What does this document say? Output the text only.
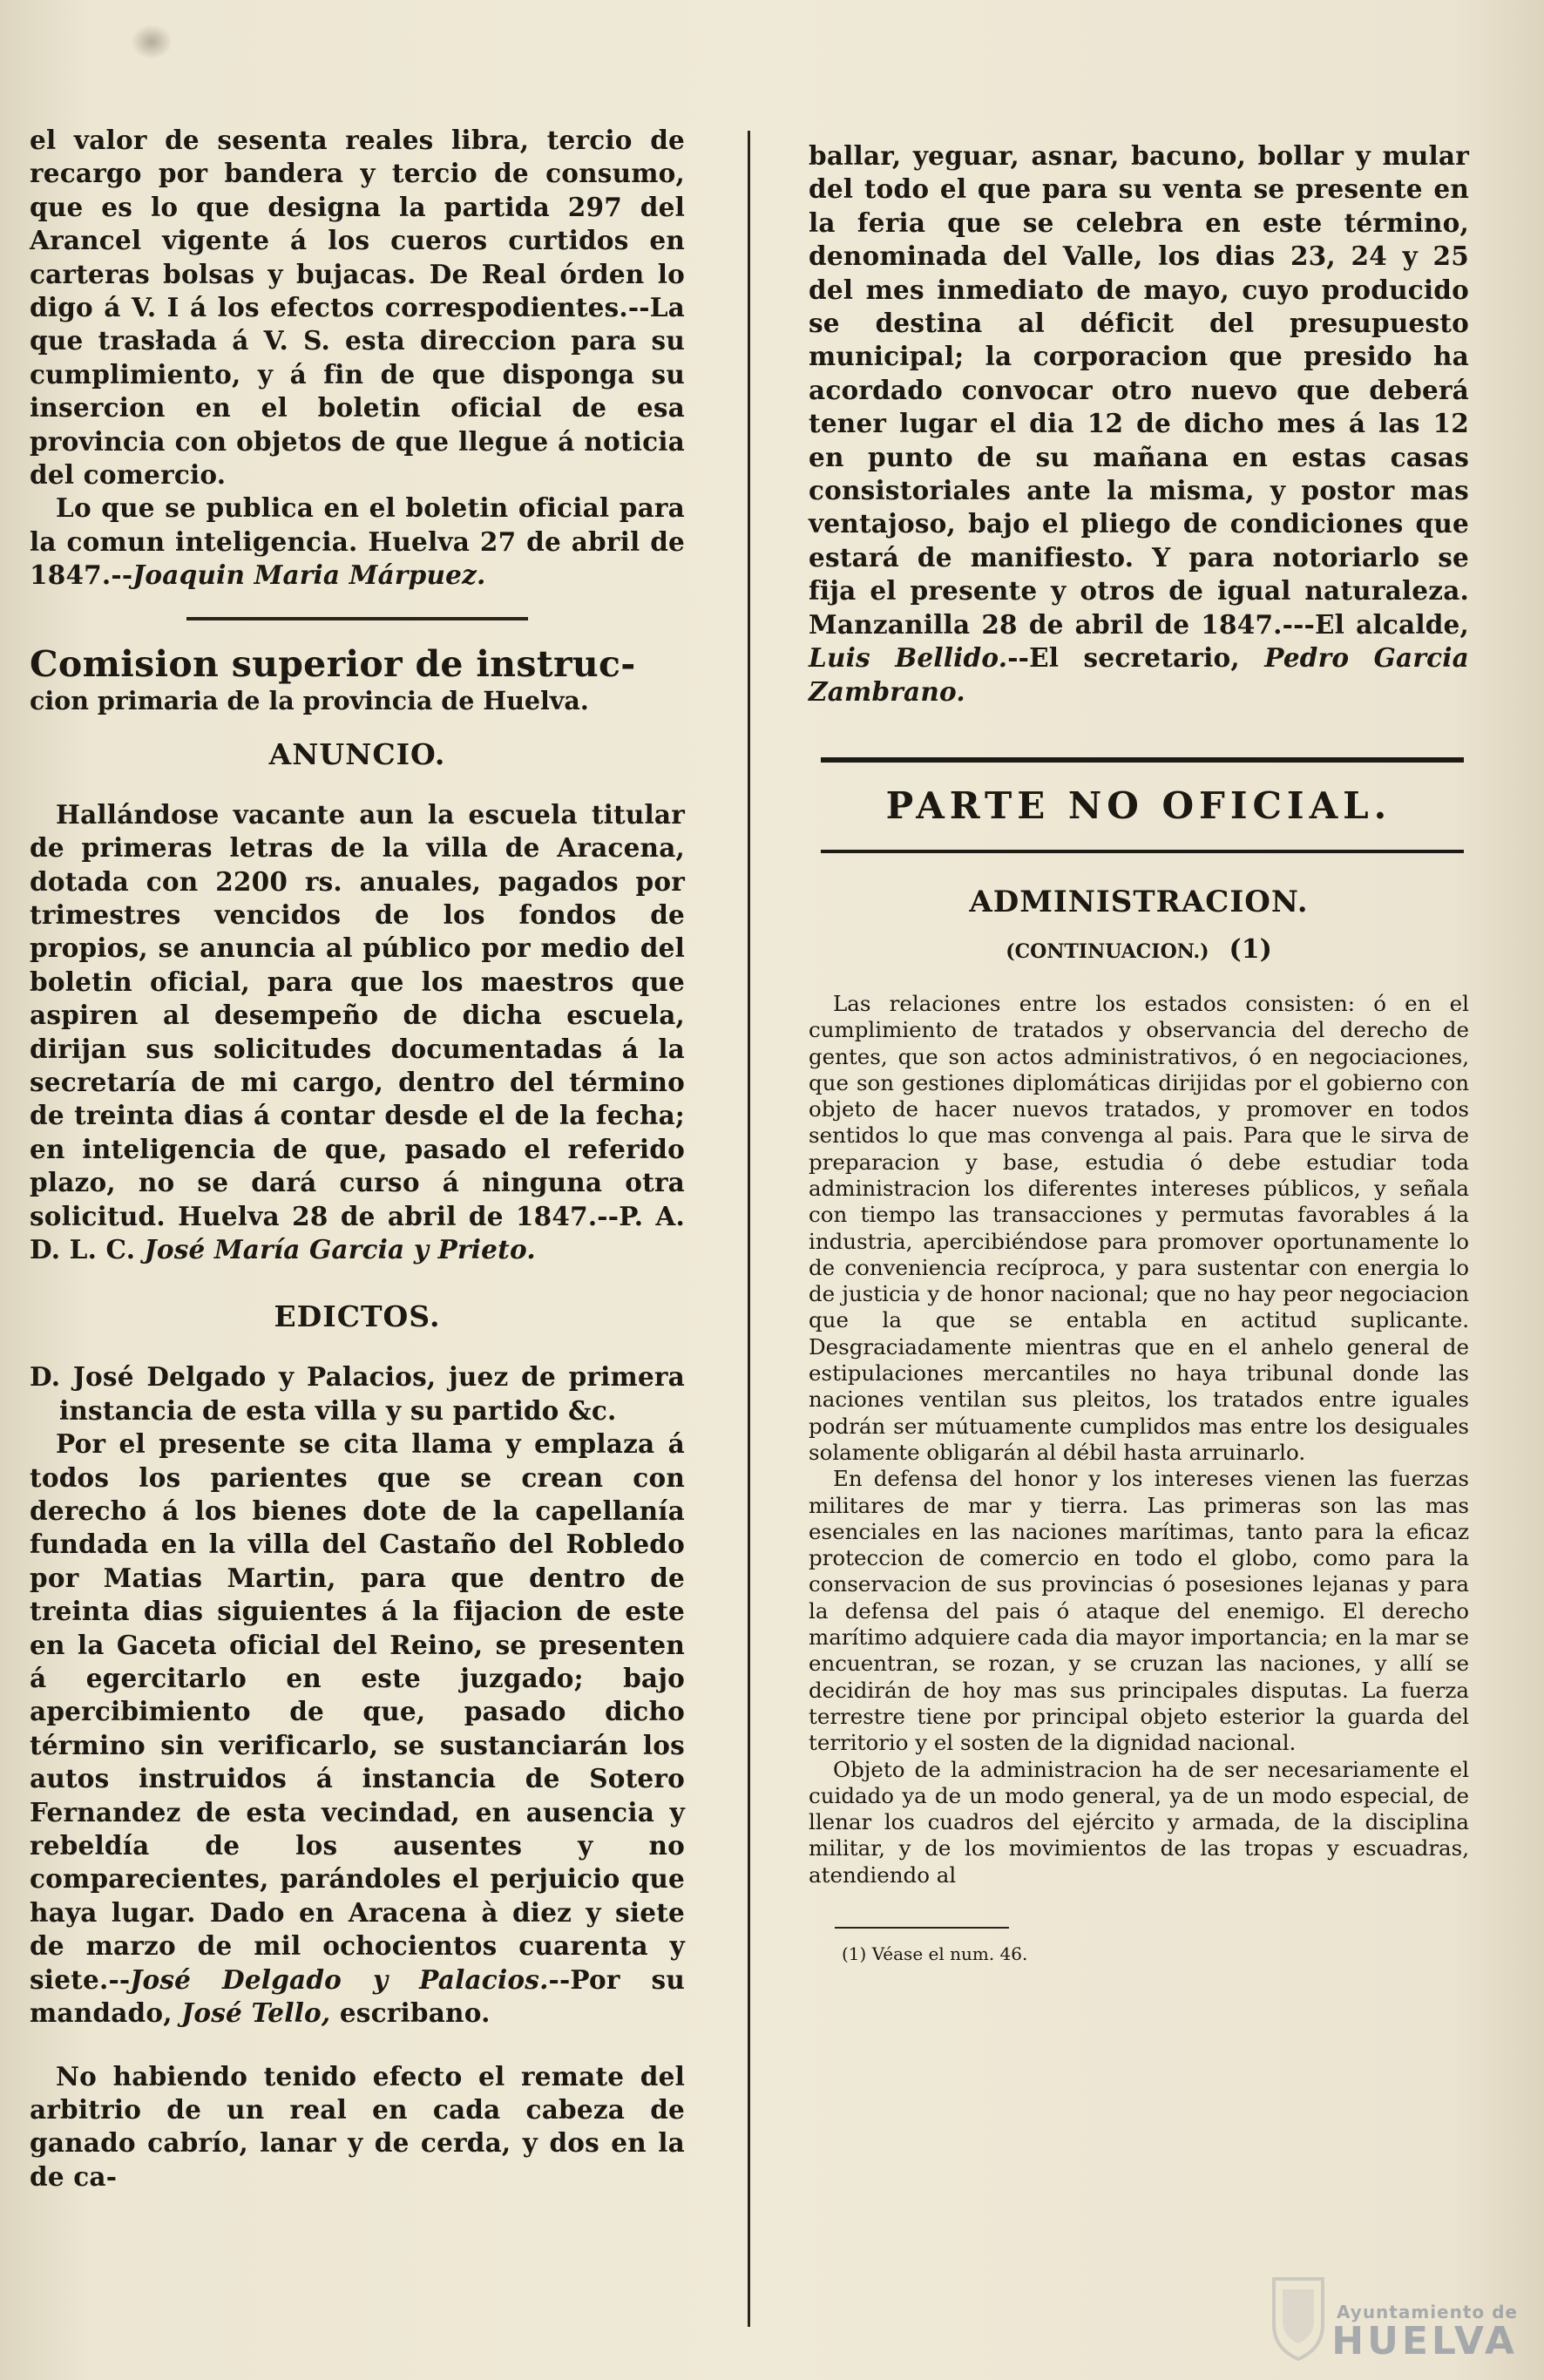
el valor de sesenta reales libra, tercio de recargo por bandera y tercio de consumo, que es lo que designa la partida 297 del Arancel vigente á los cueros curtidos en carteras bolsas y bujacas. De Real órden lo digo á V. I á los efectos correspodientes.--La que trasłada á V. S. esta direccion para su cumplimiento, y á fin de que disponga su insercion en el boletin oficial de esa provincia con objetos de que llegue á noticia del comercio.

Lo que se publica en el boletin oficial para la comun inteligencia. Huelva 27 de abril de 1847.--Joaquin Maria Márpuez.

Comision superior de instruc-

cion primaria de la provincia de Huelva.

ANUNCIO.

Hallándose vacante aun la escuela titular de primeras letras de la villa de Aracena, dotada con 2200 rs. anuales, pagados por trimestres vencidos de los fondos de propios, se anuncia al público por medio del boletin oficial, para que los maestros que aspiren al desempeño de dicha escuela, dirijan sus solicitudes documentadas á la secretaría de mi cargo, dentro del término de treinta dias á contar desde el de la fecha; en inteligencia de que, pasado el referido plazo, no se dará curso á ninguna otra solicitud. Huelva 28 de abril de 1847.--P. A. D. L. C. José María Garcia y Prieto.

EDICTOS.

D. José Delgado y Palacios, juez de primera instancia de esta villa y su partido &c.

Por el presente se cita llama y emplaza á todos los parientes que se crean con derecho á los bienes dote de la capellanía fundada en la villa del Castaño del Robledo por Matias Martin, para que dentro de treinta dias siguientes á la fijacion de este en la Gaceta oficial del Reino, se presenten á egercitarlo en este juzgado; bajo apercibimiento de que, pasado dicho término sin verificarlo, se sustanciarán los autos instruidos á instancia de Sotero Fernandez de esta vecindad, en ausencia y rebeldía de los ausentes y no comparecientes, parándoles el perjuicio que haya lugar. Dado en Aracena à diez y siete de marzo de mil ochocientos cuarenta y siete.--José Delgado y Palacios.--Por su mandado, José Tello, escribano.

No habiendo tenido efecto el remate del arbitrio de un real en cada cabeza de ganado cabrío, lanar y de cerda, y dos en la de ca-

ballar, yeguar, asnar, bacuno, bollar y mular del todo el que para su venta se presente en la feria que se celebra en este término, denominada del Valle, los dias 23, 24 y 25 del mes inmediato de mayo, cuyo producido se destina al déficit del presupuesto municipal; la corporacion que presido ha acordado convocar otro nuevo que deberá tener lugar el dia 12 de dicho mes á las 12 en punto de su mañana en estas casas consistoriales ante la misma, y postor mas ventajoso, bajo el pliego de condiciones que estará de manifiesto. Y para notoriarlo se fija el presente y otros de igual naturaleza. Manzanilla 28 de abril de 1847.---El alcalde, Luis Bellido.--El secretario, Pedro Garcia Zambrano.

PARTE NO OFICIAL.

ADMINISTRACION.

(CONTINUACION.) (1)

Las relaciones entre los estados consisten: ó en el cumplimiento de tratados y observancia del derecho de gentes, que son actos administrativos, ó en negociaciones, que son gestiones diplomáticas dirijidas por el gobierno con objeto de hacer nuevos tratados, y promover en todos sentidos lo que mas convenga al pais. Para que le sirva de preparacion y base, estudia ó debe estudiar toda administracion los diferentes intereses públicos, y señala con tiempo las transacciones y permutas favorables á la industria, apercibiéndose para promover oportunamente lo de conveniencia recíproca, y para sustentar con energia lo de justicia y de honor nacional; que no hay peor negociacion que la que se entabla en actitud suplicante. Desgraciadamente mientras que en el anhelo general de estipulaciones mercantiles no haya tribunal donde las naciones ventilan sus pleitos, los tratados entre iguales podrán ser mútuamente cumplidos mas entre los desiguales solamente obligarán al débil hasta arruinarlo.

En defensa del honor y los intereses vienen las fuerzas militares de mar y tierra. Las primeras son las mas esenciales en las naciones marítimas, tanto para la eficaz proteccion de comercio en todo el globo, como para la conservacion de sus provincias ó posesiones lejanas y para la defensa del pais ó ataque del enemigo. El derecho marítimo adquiere cada dia mayor importancia; en la mar se encuentran, se rozan, y se cruzan las naciones, y allí se decidirán de hoy mas sus principales disputas. La fuerza terrestre tiene por principal objeto esterior la guarda del territorio y el sosten de la dignidad nacional.

Objeto de la administracion ha de ser necesariamente el cuidado ya de un modo general, ya de un modo especial, de llenar los cuadros del ejército y armada, de la disciplina militar, y de los movimientos de las tropas y escuadras, atendiendo al

(1) Véase el num. 46.

Ayuntamiento de
HUELVA
